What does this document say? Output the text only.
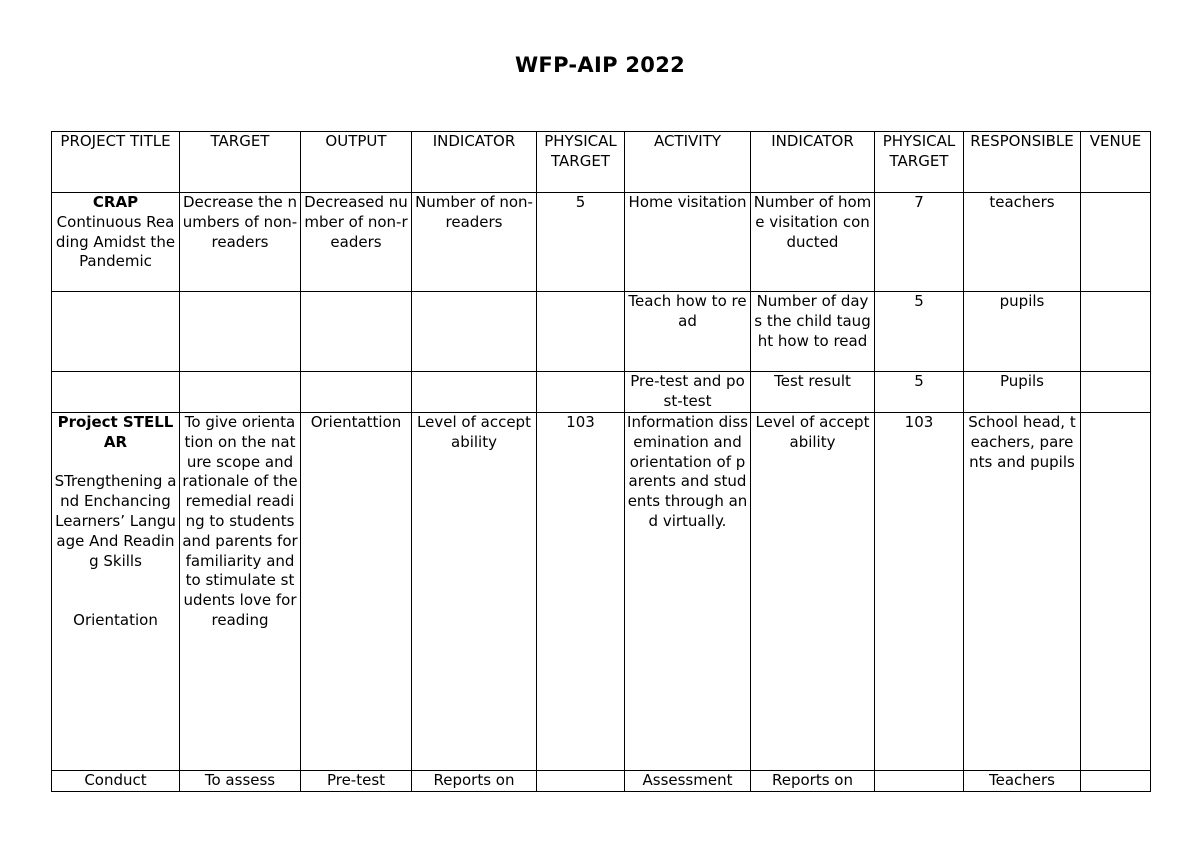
WFP-AIP 2022
PROJECT TITLE	TARGET	OUTPUT	INDICATOR	PHYSICAL TARGET	ACTIVITY	INDICATOR	PHYSICAL TARGET	RESPONSIBLE	VENUE

CRAP
Continuous Reading Amidst the Pandemic	Decrease the numbers of non-readers	Decreased number of non-readers	Number of non-readers	5	Home visitation	Number of home visitation conducted	7	teachers	
					Teach how to read	Number of days the child taught how to read	5	pupils	
					Pre-test and post-test	Test result	5	Pupils	

Project STELLAR
STrengthening and Enchancing Learners’ Language And Reading Skills
Orientation	To give orientation on the nature scope and rationale of the remedial reading to students and parents for familiarity and to stimulate students love for reading	Orientattion	Level of acceptability	103	Information dissemination and orientation of parents and students through and virtually.	Level of acceptability	103	School head, teachers, parents and pupils	
Conduct	To assess	Pre-test	Reports on		Assessment	Reports on		Teachers	
